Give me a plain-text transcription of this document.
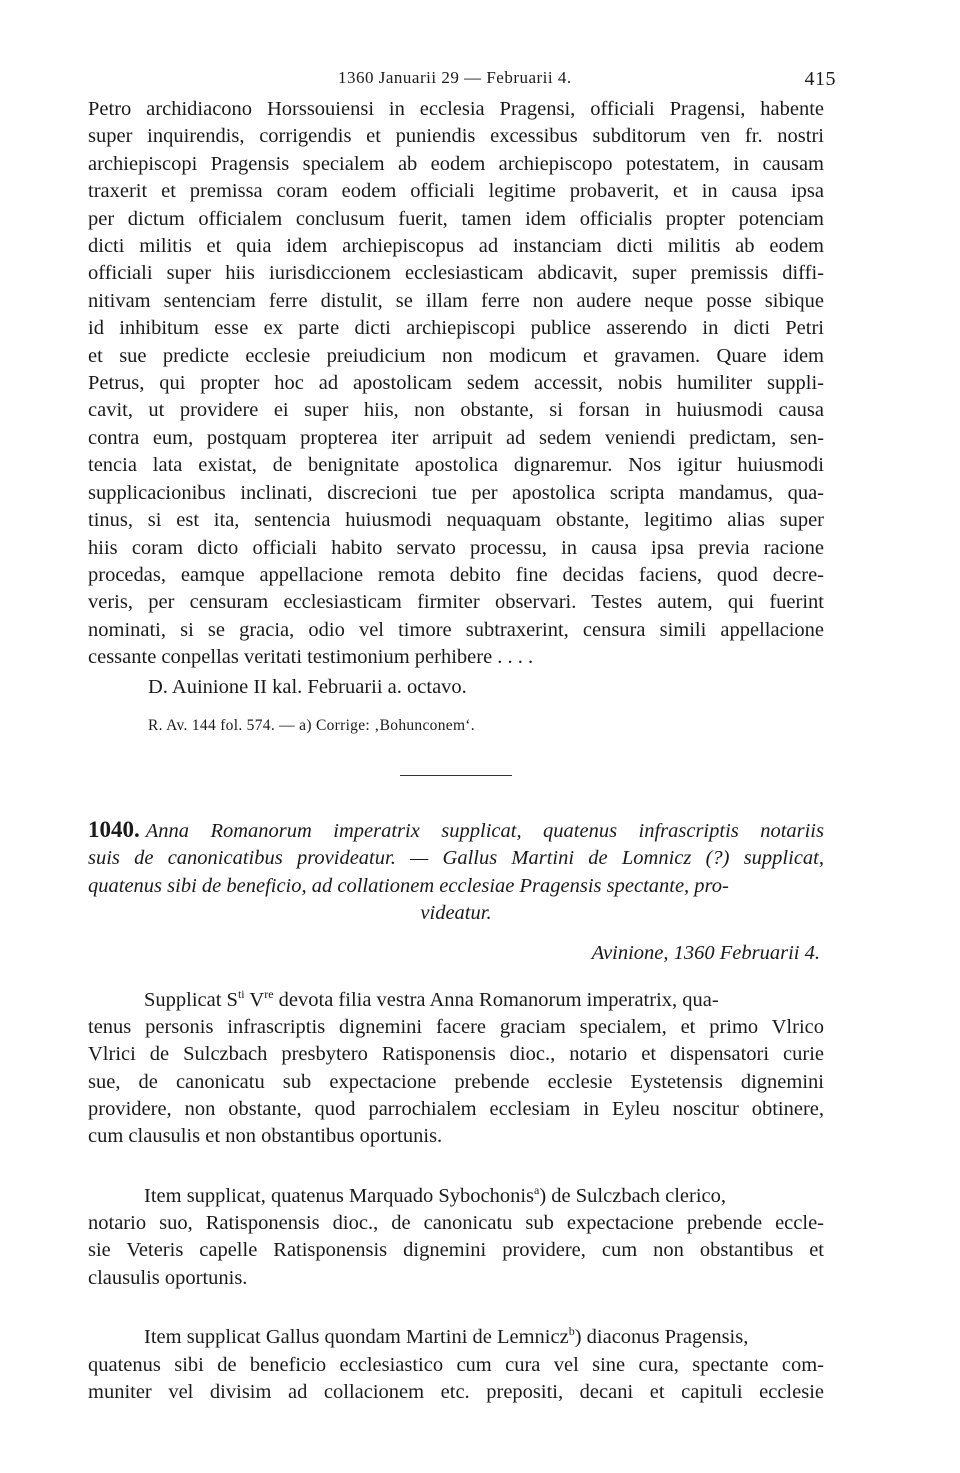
1360 Januarii 29 — Februarii 4.	415
Petro archidiacono Horssouiensi in ecclesia Pragensi, officiali Pragensi, habente
super inquirendis, corrigendis et puniendis excessibus subditorum ven fr. nostri
archiepiscopi Pragensis specialem ab eodem archiepiscopo potestatem, in causam
traxerit et premissa coram eodem officiali legitime probaverit, et in causa ipsa
per dictum officialem conclusum fuerit, tamen idem officialis propter potenciam
dicti militis et quia idem archiepiscopus ad instanciam dicti militis ab eodem
officiali super hiis iurisdiccionem ecclesiasticam abdicavit, super premissis diffi-
nitivam sentenciam ferre distulit, se illam ferre non audere neque posse sibique
id inhibitum esse ex parte dicti archiepiscopi publice asserendo in dicti Petri
et sue predicte ecclesie preiudicium non modicum et gravamen. Quare idem
Petrus, qui propter hoc ad apostolicam sedem accessit, nobis humiliter suppli-
cavit, ut providere ei super hiis, non obstante, si forsan in huiusmodi causa
contra eum, postquam propterea iter arripuit ad sedem veniendi predictam, sen-
tencia lata existat, de benignitate apostolica dignaremur. Nos igitur huiusmodi
supplicacionibus inclinati, discrecioni tue per apostolica scripta mandamus, qua-
tinus, si est ita, sentencia huiusmodi nequaquam obstante, legitimo alias super
hiis coram dicto officiali habito servato processu, in causa ipsa previa racione
procedas, eamque appellacione remota debito fine decidas faciens, quod decre-
veris, per censuram ecclesiasticam firmiter observari. Testes autem, qui fuerint
nominati, si se gracia, odio vel timore subtraxerint, censura simili appellacione
cessante conpellas veritati testimonium perhibere . . . .
D. Auinione II kal. Februarii a. octavo.
R. Av. 144 fol. 574. — a) Corrige: ‚Bohunconem‘.
1040. Anna Romanorum imperatrix supplicat, quatenus infrascriptis notariis
suis de canonicatibus provideatur. — Gallus Martini de Lomnicz (?) supplicat,
quatenus sibi de beneficio, ad collationem ecclesiae Pragensis spectante, pro-
videatur.
Avinione, 1360 Februarii 4.

Supplicat $S^{ti}$ Vre devota filia vestra Anna Romanorum imperatrix, qua-

tenus personis infrascriptis dignemini facere graciam specialem, et primo Vlrico
Vlrici de Sulczbach presbytero Ratisponensis dioc., notario et dispensatori curie
sue, de canonicatu sub expectacione prebende ecclesie Eystetensis dignemini
providere, non obstante, quod parrochialem ecclesiam in Eyleu noscitur obtinere,
cum clausulis et non obstantibus oportunis.

Item supplicat, quatenus Marquado Sybochonis$^a$) de Sulczbach clerico,

notario suo, Ratisponensis dioc., de canonicatu sub expectacione prebende eccle-
sie Veteris capelle Ratisponensis dignemini providere, cum non obstantibus et
clausulis oportunis.

Item supplicat Gallus quondam Martini de Lemnicz$^b$) diaconus Pragensis,

quatenus sibi de beneficio ecclesiastico cum cura vel sine cura, spectante com-
muniter vel divisim ad collacionem etc. prepositi, decani et capituli ecclesie
